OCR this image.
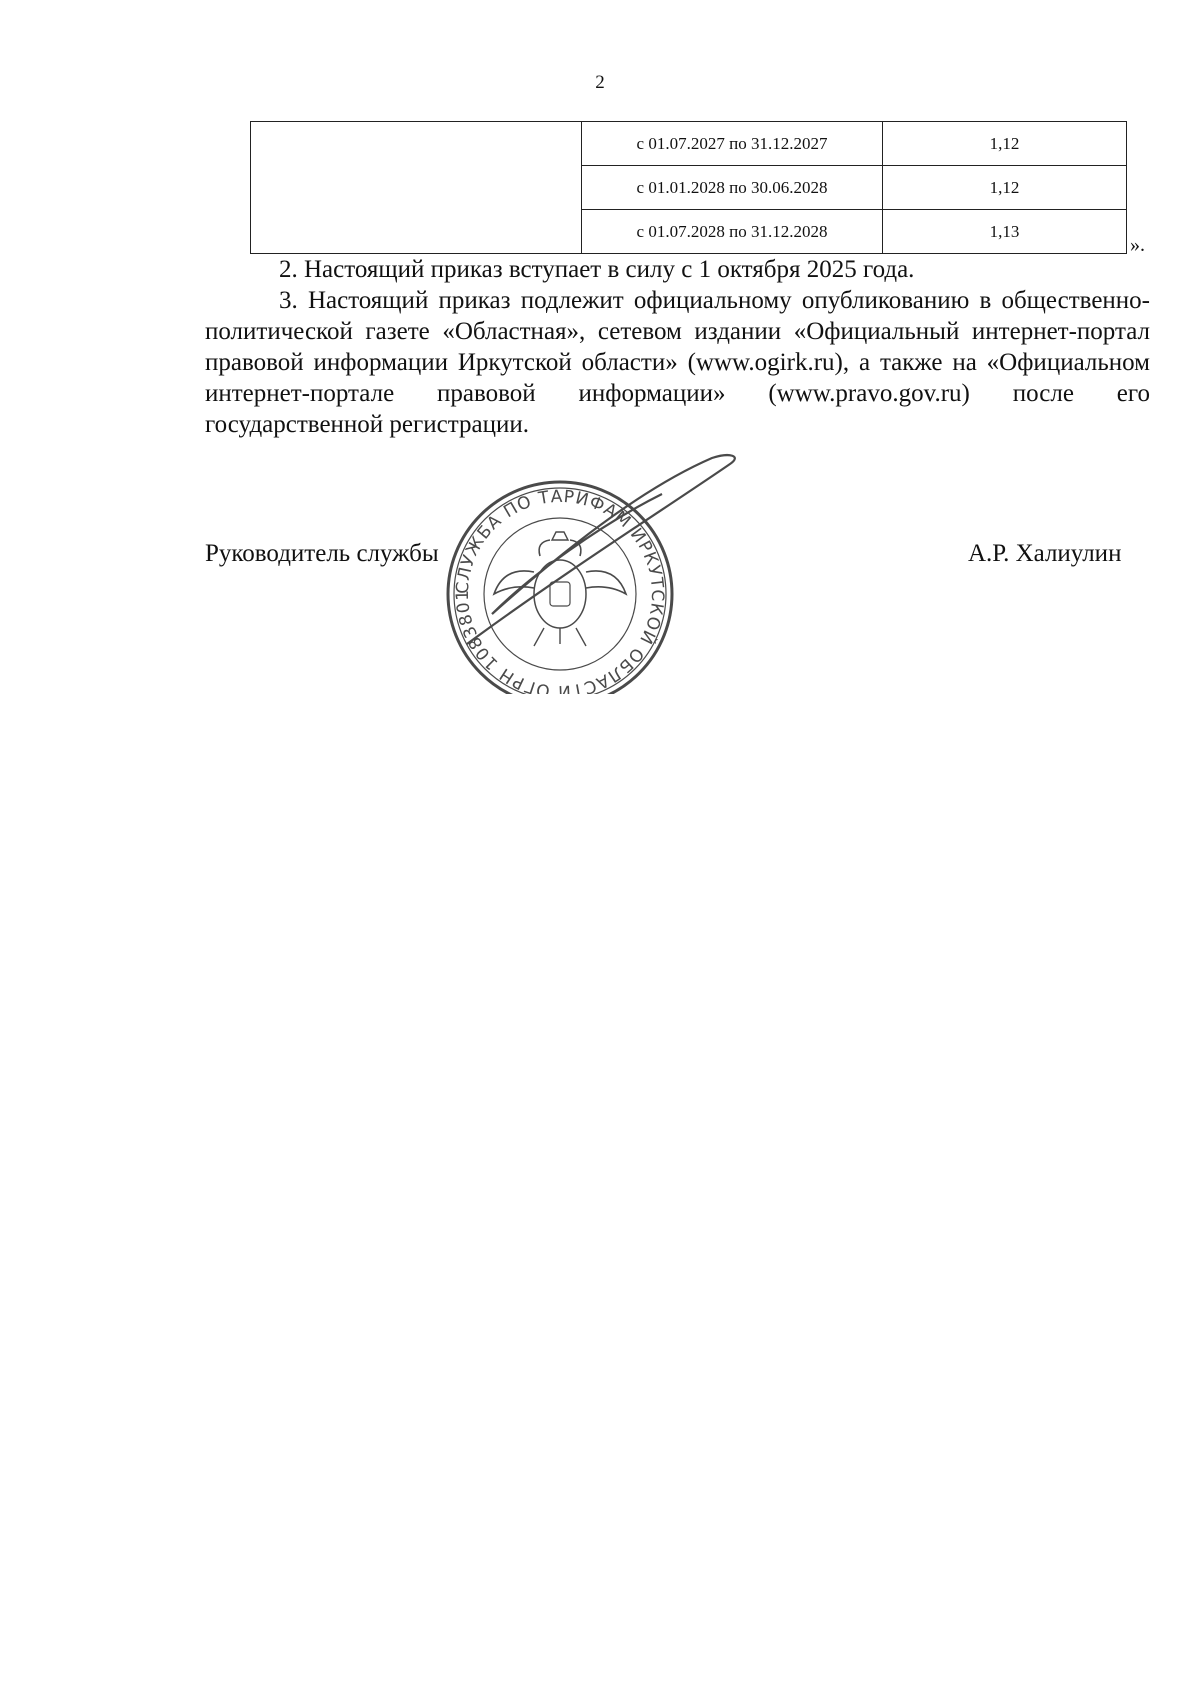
2
	с 01.07.2027 по 31.12.2027	1,12
	с 01.01.2028 по 30.06.2028	1,12
	с 01.07.2028 по 31.12.2028	1,13
».
2. Настоящий приказ вступает в силу с 1 октября 2025 года.
3. Настоящий приказ подлежит официальному опубликованию в общественно-политической газете «Областная», сетевом издании «Официальный интернет-портал правовой информации Иркутской области» (www.ogirk.ru), а также на «Официальном интернет-портале правовой информации» (www.pravo.gov.ru) после его государственной регистрации.
СЛУЖБА ПО ТАРИФАМ ИРКУТСКОЙ ОБЛАСТИ ОГРН 1083801
Руководитель службы	А.Р. Халиулин
